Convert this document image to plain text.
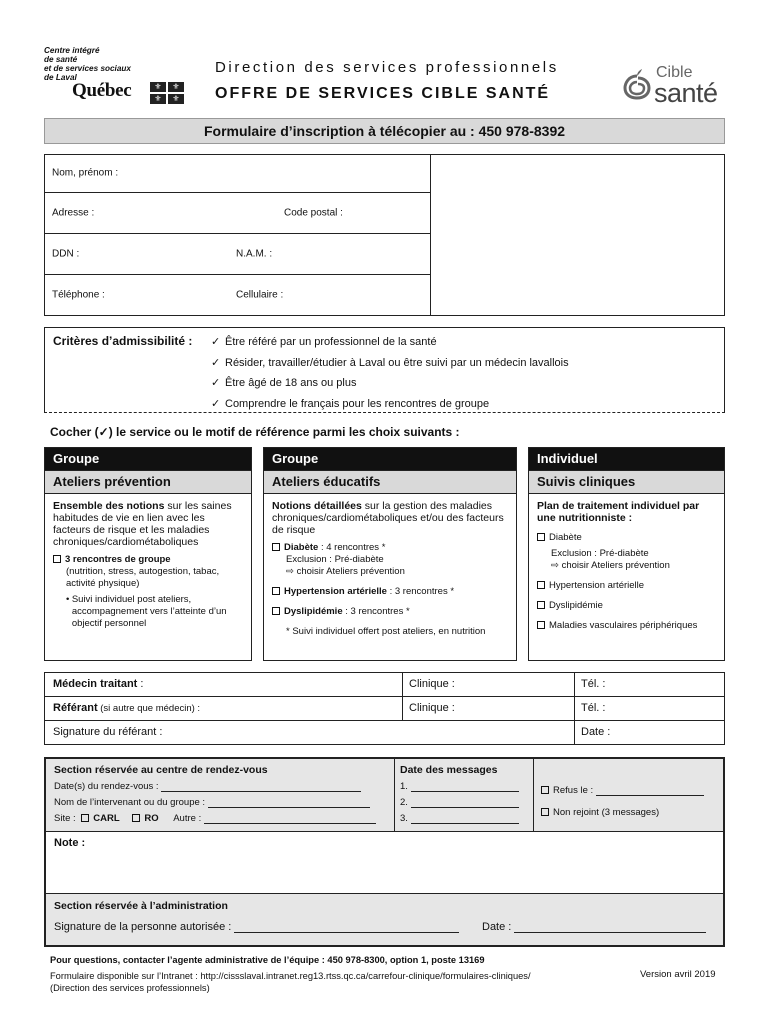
Centre intégré
de santé
et de services sociaux
de Laval
Québec	⚜	⚜
⚜	⚜
Direction des services professionnels
OFFRE DE SERVICES CIBLE SANTÉ
Cible
santé
Formulaire d’inscription à télécopier au : 450 978-8392
Nom, prénom :
Adresse :	Code postal :
DDN :	N.A.M. :
Téléphone :	Cellulaire :
Critères d’admissibilité : ✓ Être référé par un professionnel de la santé
✓ Résider, travailler/étudier à Laval ou être suivi par un médecin lavallois
✓ Être âgé de 18 ans ou plus
✓ Comprendre le français pour les rencontres de groupe
Cocher (✓) le service ou le motif de référence parmi les choix suivants :
Groupe
Ateliers prévention
Ensemble des notions sur les saines habitudes de vie en lien avec les facteurs de risque et les maladies chroniques/cardiométaboliques
3 rencontres de groupe
(nutrition, stress, autogestion, tabac, activité physique)
• Suivi individuel post ateliers, accompagnement vers l’atteinte d’un objectif personnel
Groupe
Ateliers éducatifs
Notions détaillées sur la gestion des maladies chroniques/cardiométaboliques et/ou des facteurs de risque
Diabète : 4 rencontres *
Exclusion : Pré-diabète
⇨ choisir Ateliers prévention
Hypertension artérielle : 3 rencontres *
Dyslipidémie : 3 rencontres *
* Suivi individuel offert post ateliers, en nutrition
Individuel
Suivis cliniques
Plan de traitement individuel par une nutritionniste :
Diabète
Exclusion : Pré-diabète
⇨ choisir Ateliers prévention
Hypertension artérielle
Dyslipidémie
Maladies vasculaires périphériques
Médecin traitant :	Clinique :	Tél. :
Référant (si autre que médecin) :	Clinique :	Tél. :
Signature du référant :	Date :
Section réservée au centre de rendez-vous
Date(s) du rendez-vous :
Nom de l’intervenant ou du groupe :
Site : CARL	RO Autre :
Date des messages
1.
2.
3.
Refus le :
Non rejoint (3 messages)
Note :
Section réservée à l’administration
Signature de la personne autorisée :	Date :
Pour questions, contacter l’agente administrative de l’équipe : 450 978-8300, option 1, poste 13169
Formulaire disponible sur l’Intranet : http://cissslaval.intranet.reg13.rtss.qc.ca/carrefour-clinique/formulaires-cliniques/
(Direction des services professionnels)
Version avril 2019
